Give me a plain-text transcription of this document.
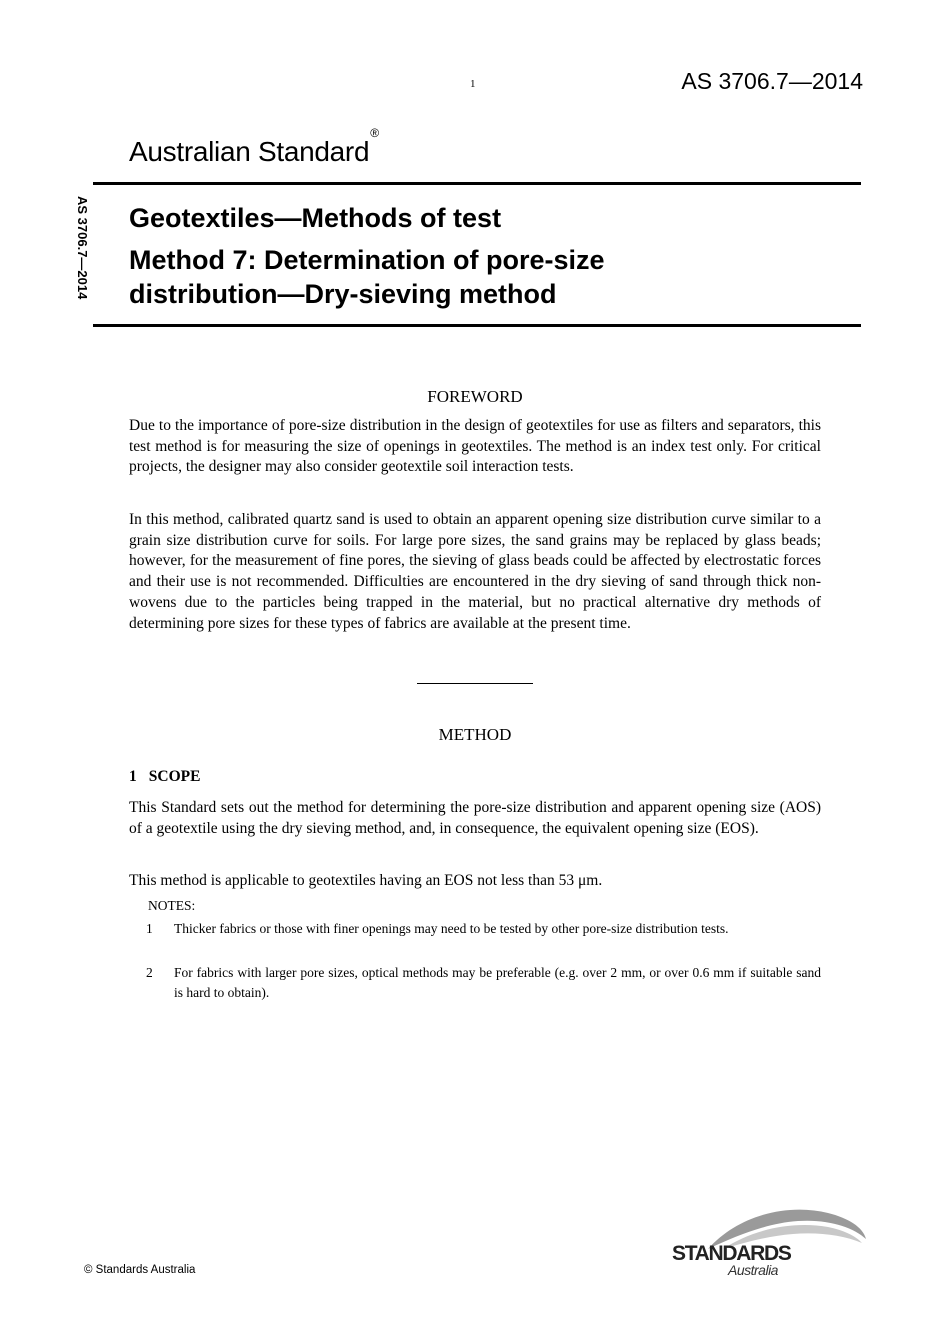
1	AS 3706.7—2014
Australian Standard®
AS 3706.7—2014 Geotextiles—Methods of test
Method 7: Determination of pore-size distribution—Dry-sieving method
FOREWORD

Due to the importance of pore-size distribution in the design of geotextiles for use as filters and separators, this test method is for measuring the size of openings in geotextiles. The method is an index test only. For critical projects, the designer may also consider geotextile soil interaction tests.

In this method, calibrated quartz sand is used to obtain an apparent opening size distribution curve similar to a grain size distribution curve for soils. For large pore sizes, the sand grains may be replaced by glass beads; however, for the measurement of fine pores, the sieving of glass beads could be affected by electrostatic forces and their use is not recommended. Difficulties are encountered in the dry sieving of sand through thick non-wovens due to the particles being trapped in the material, but no practical alternative dry methods of determining pore sizes for these types of fabrics are available at the present time.

METHOD
1 SCOPE

This Standard sets out the method for determining the pore-size distribution and apparent opening size (AOS) of a geotextile using the dry sieving method, and, in consequence, the equivalent opening size (EOS).

This method is applicable to geotextiles having an EOS not less than 53 μm.

NOTES:
1 Thicker fabrics or those with finer openings may need to be tested by other pore-size distribution tests.
2 For fabrics with larger pore sizes, optical methods may be preferable (e.g. over 2 mm, or over 0.6 mm if suitable sand is hard to obtain).
© Standards Australia
STANDARDS
Australia
